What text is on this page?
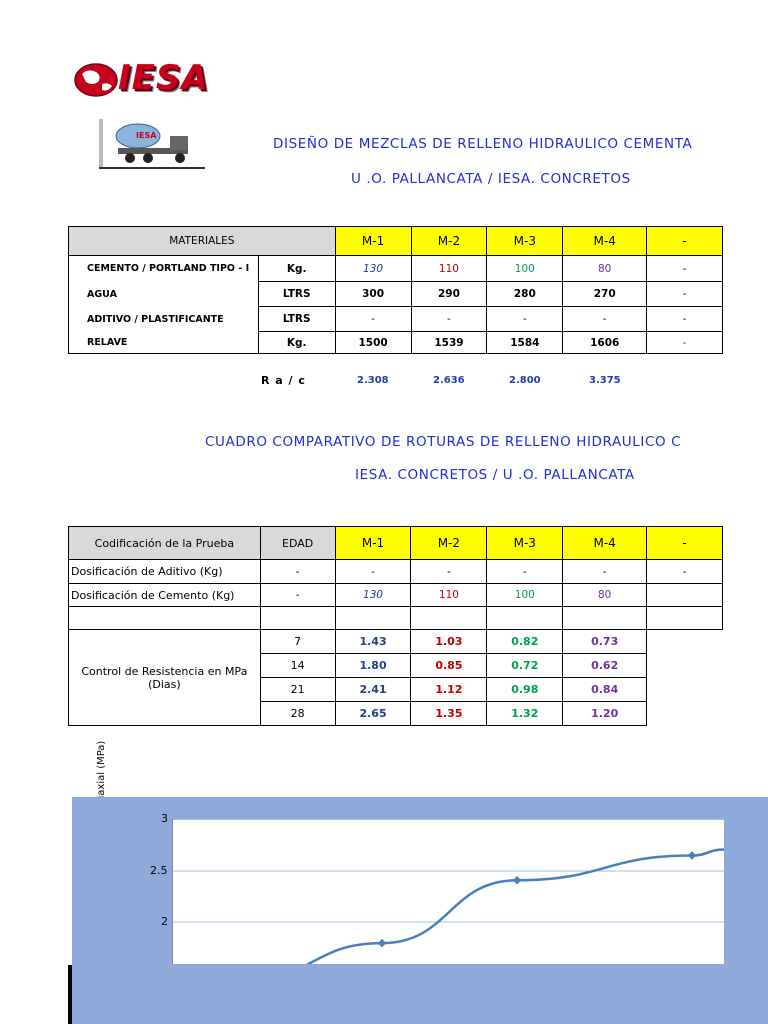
IESA
IESA
DISEÑO DE MEZCLAS DE RELLENO HIDRAULICO CEMENTA
U .O. PALLANCATA / IESA. CONCRETOS
MATERIALES		M-1	M-2	M-3	M-4	-
CEMENTO / PORTLAND TIPO - I	Kg.	130	110	100	80	-
AGUA	LTRS	300	290	280	270	-
ADITIVO / PLASTIFICANTE	LTRS	-	-	-	-	-
RELAVE	Kg.	1500	1539	1584	1606	-
R a / c	2.308	2.636	2.800	3.375
CUADRO COMPARATIVO DE ROTURAS DE RELLENO HIDRAULICO C
IESA. CONCRETOS / U .O. PALLANCATA
Codificación de la Prueba	EDAD	M-1	M-2	M-3	M-4	-
Dosificación de Aditivo (Kg)	-	-	-	-	-	-
Dosificación de Cemento (Kg)	-	130	110	100	80	

Control de Resistencia en MPa (Dias)	7	1.43	1.03	0.82	0.73	
	14	1.80	0.85	0.72	0.62	
	21	2.41	1.12	0.98	0.84	
	28	2.65	1.35	1.32	1.20	
3
2.5
2
